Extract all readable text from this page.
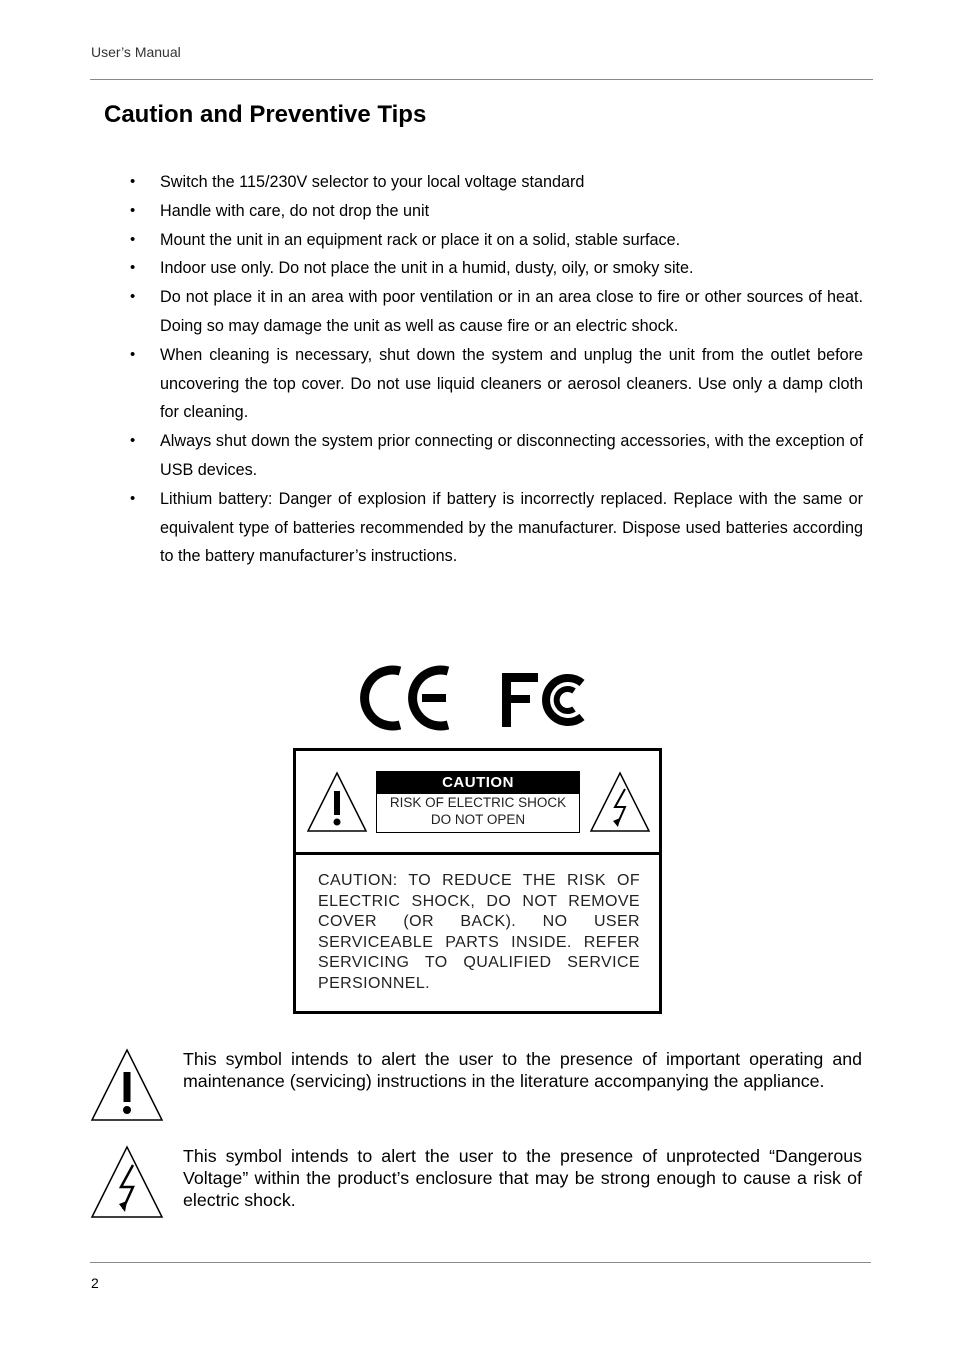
User’s Manual
Caution and Preventive Tips
• Switch the 115/230V selector to your local voltage standard
• Handle with care, do not drop the unit
• Mount the unit in an equipment rack or place it on a solid, stable surface.
• Indoor use only. Do not place the unit in a humid, dusty, oily, or smoky site.
• Do not place it in an area with poor ventilation or in an area close to fire or other sources of heat. Doing so may damage the unit as well as cause fire or an electric shock.
• When cleaning is necessary, shut down the system and unplug the unit from the outlet before uncovering the top cover. Do not use liquid cleaners or aerosol cleaners. Use only a damp cloth for cleaning.
• Always shut down the system prior connecting or disconnecting accessories, with the exception of USB devices.
• Lithium battery: Danger of explosion if battery is incorrectly replaced. Replace with the same or equivalent type of batteries recommended by the manufacturer. Dispose used batteries according to the battery manufacturer’s instructions.
CAUTION
RISK OF ELECTRIC SHOCK
DO NOT OPEN
CAUTION: TO REDUCE THE RISK OF ELECTRIC SHOCK, DO NOT REMOVE COVER (OR BACK). NO USER SERVICEABLE PARTS INSIDE. REFER SERVICING TO QUALIFIED SERVICE PERSIONNEL.
This symbol intends to alert the user to the presence of important operating and maintenance (servicing) instructions in the literature accompanying the appliance.
This symbol intends to alert the user to the presence of unprotected “Dangerous Voltage” within the product’s enclosure that may be strong enough to cause a risk of electric shock.
2
